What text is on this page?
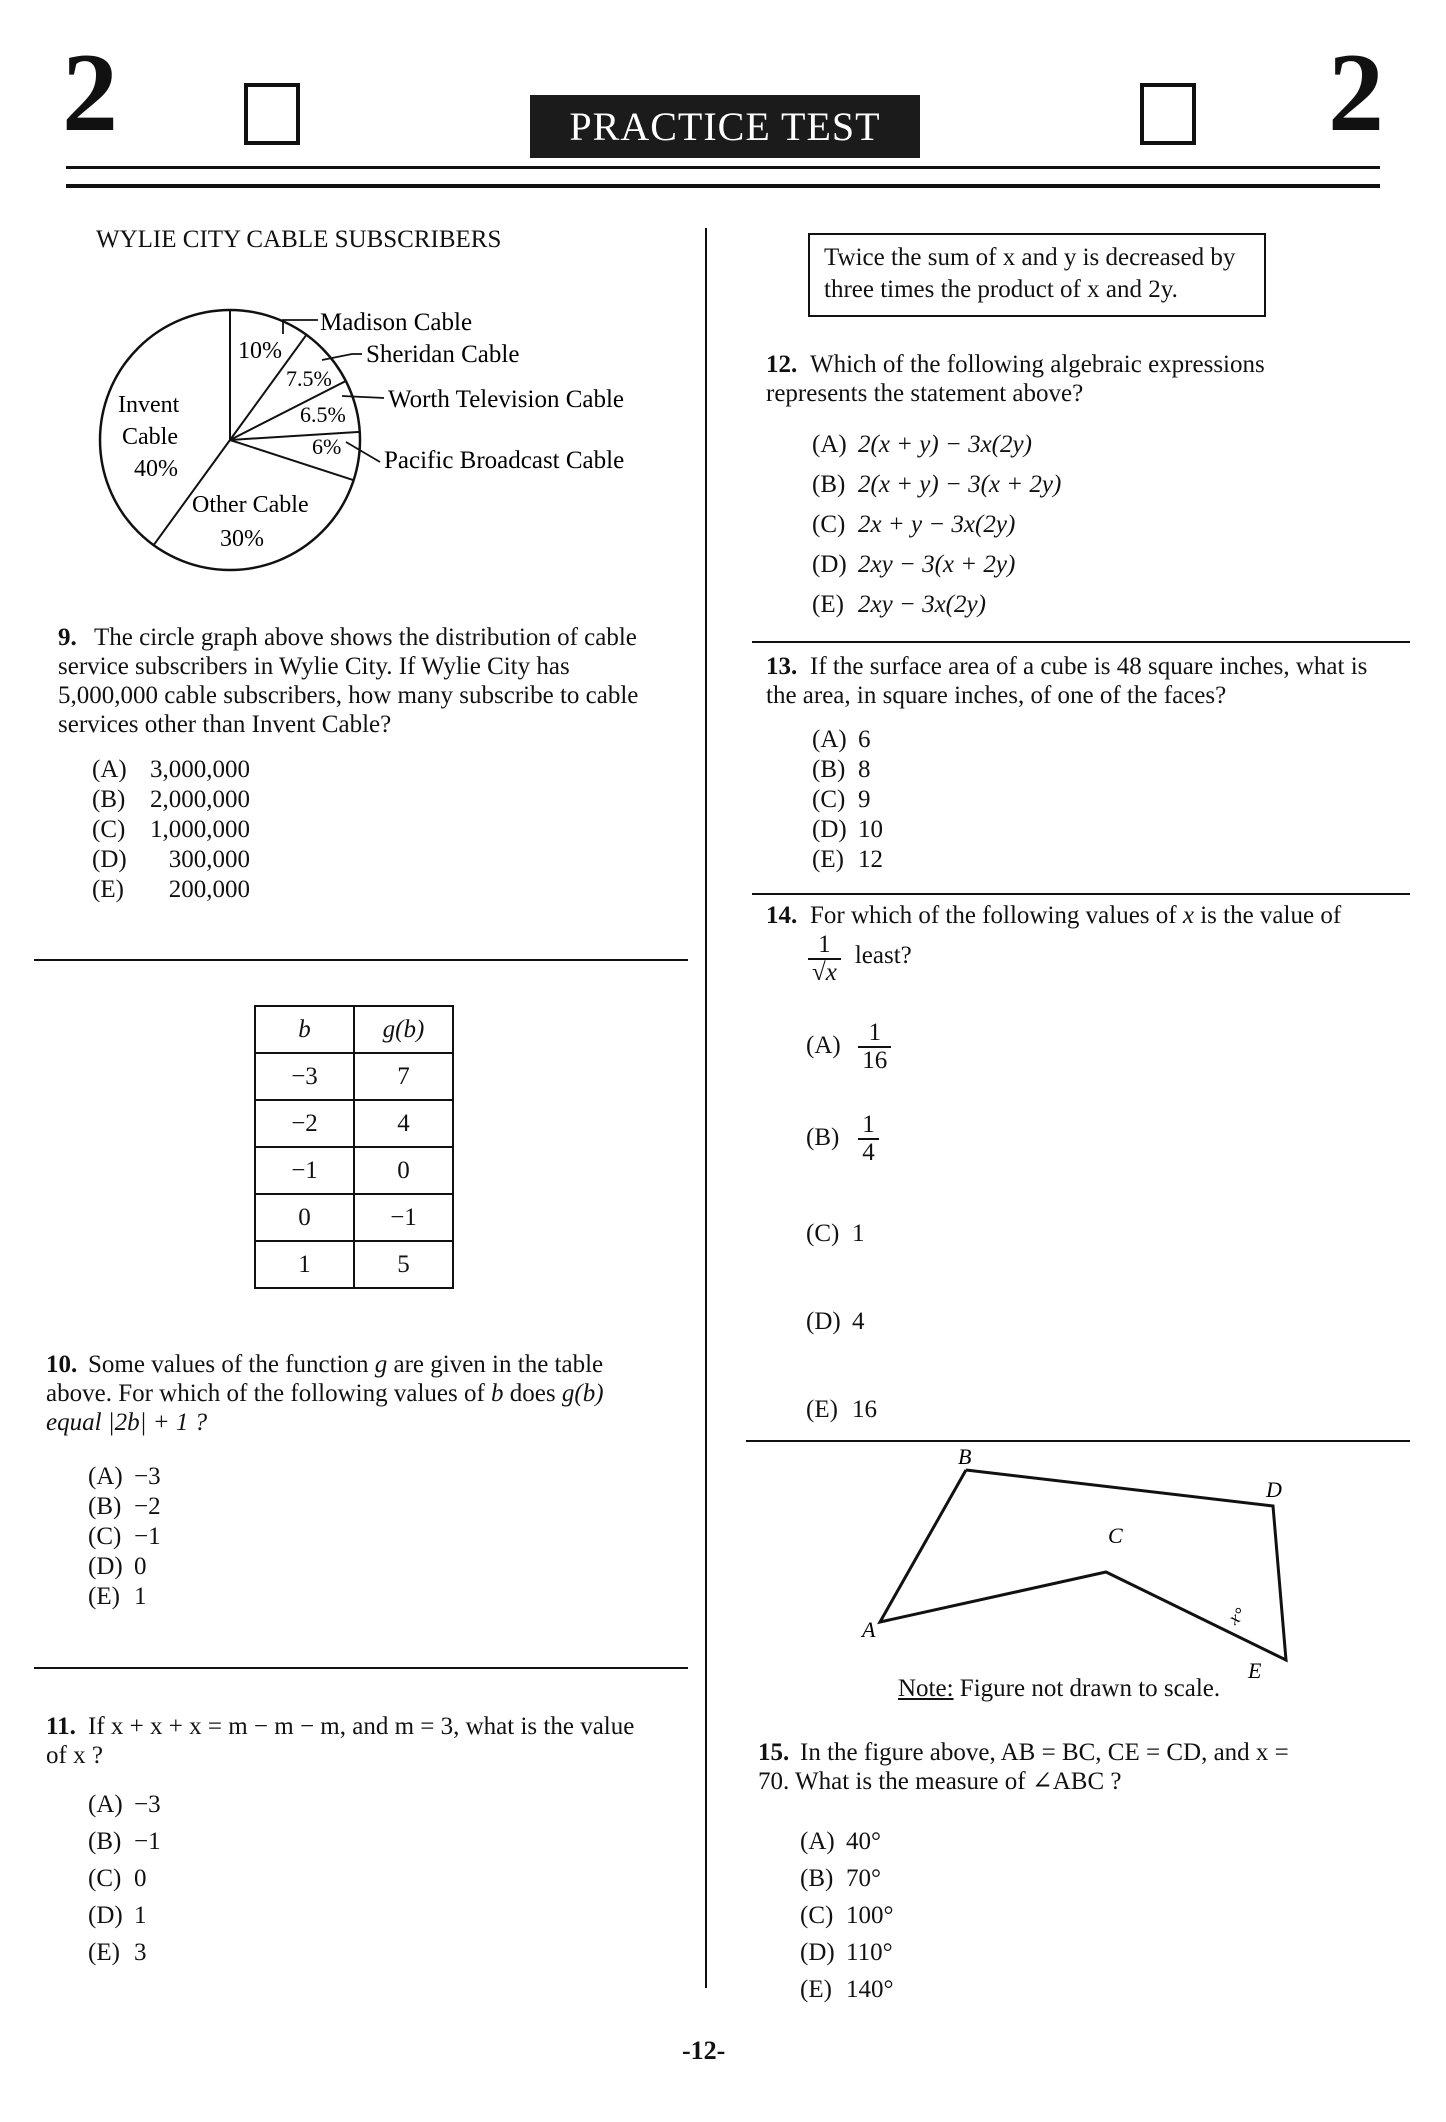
2	PRACTICE TEST	2
WYLIE CITY CABLE SUBSCRIBERS
10%
7.5%
6.5%
6%
Invent
Cable
40%
Other Cable
30%
Madison Cable
Sheridan Cable
Worth Television Cable
Pacific Broadcast Cable
9. The circle graph above shows the distribution of cable service subscribers in Wylie City. If Wylie City has 5,000,000 cable subscribers, how many subscribe to cable services other than Invent Cable?
(A) 3,000,000
(B) 2,000,000
(C) 1,000,000
(D) 300,000
(E) 200,000
b	g(b)
−3	7
−2	4
−1	0
0	−1
1	5
10. Some values of the function g are given in the table above. For which of the following values of b does g(b) equal |2b| + 1 ?
(A) −3
(B) −2
(C) −1
(D) 0
(E) 1
11. If x + x + x = m − m − m, and m = 3, what is the value of x ?
(A) −3
(B) −1
(C) 0
(D) 1
(E) 3
Twice the sum of x and y is decreased by three times the product of x and 2y.
12. Which of the following algebraic expressions represents the statement above?
(A) 2(x + y) − 3x(2y)
(B) 2(x + y) − 3(x + 2y)
(C) 2x + y − 3x(2y)
(D) 2xy − 3(x + 2y)
(E) 2xy − 3x(2y)
13. If the surface area of a cube is 48 square inches, what is the area, in square inches, of one of the faces?
(A) 6
(B) 8
(C) 9
(D) 10
(E) 12
14. For which of the following values of x is the value of
$\frac{1}{√x}$ least?
$(A) \frac{1}{16}$
$(B) \frac{1}{4}$
(C) 1
(D) 4
(E) 16
B
A
C
D
E
x°
Note: Figure not drawn to scale.
15. In the figure above, AB = BC, CE = CD, and x = 70. What is the measure of ∠ABC ?
(A) 40°
(B) 70°
(C) 100°
(D) 110°
(E) 140°
-12-
